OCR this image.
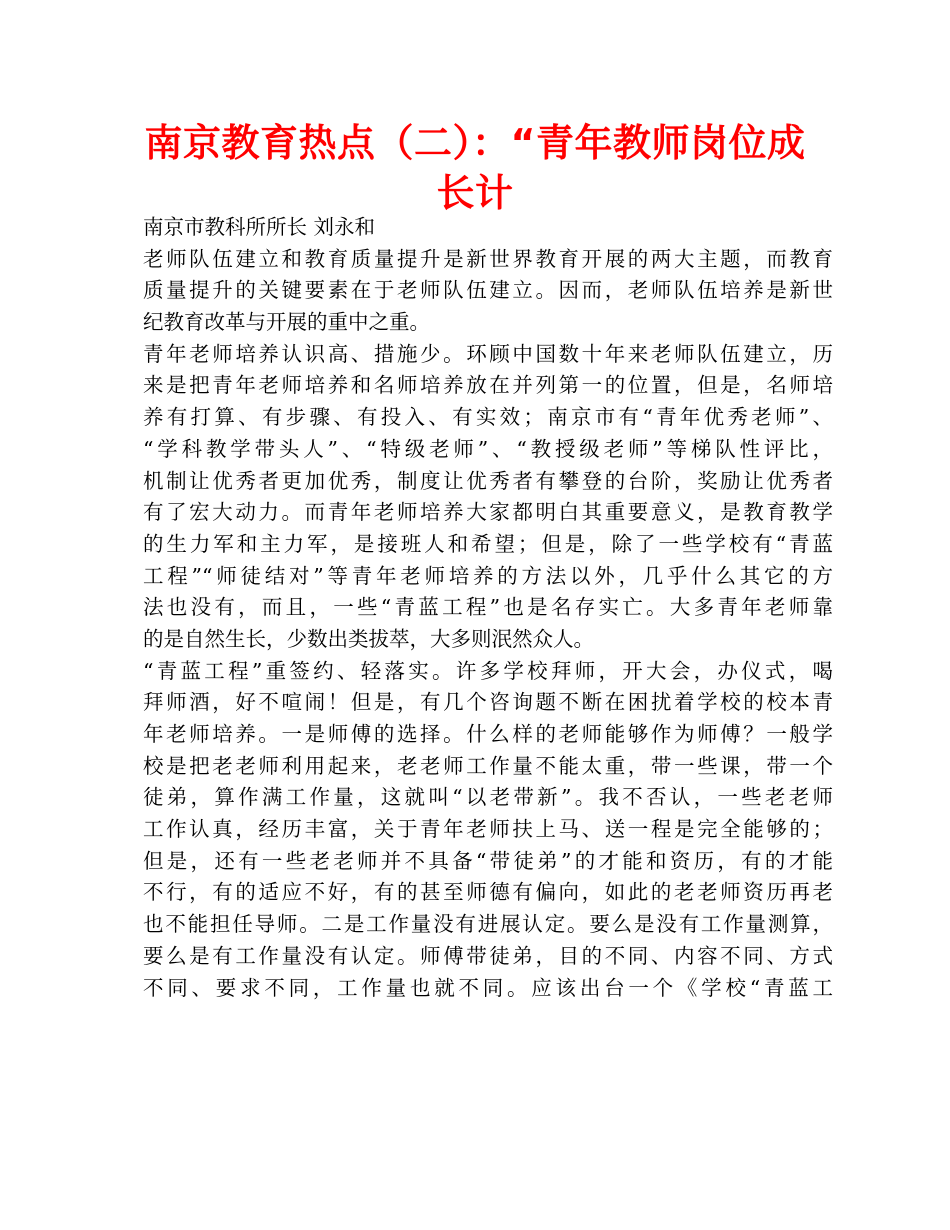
南京教育热点（二）：“青年教师岗位成
长计
南京市教科所所长 刘永和
老师队伍建立和教育质量提升是新世界教育开展的两大主题，而教育
质量提升的关键要素在于老师队伍建立。因而，老师队伍培养是新世
纪教育改革与开展的重中之重。
青年老师培养认识高、措施少。环顾中国数十年来老师队伍建立，历
来是把青年老师培养和名师培养放在并列第一的位置，但是，名师培
养有打算、有步骤、有投入、有实效；南京市有“青年优秀老师”、
“学科教学带头人”、“特级老师”、“教授级老师”等梯队性评比，
机制让优秀者更加优秀，制度让优秀者有攀登的台阶，奖励让优秀者
有了宏大动力。而青年老师培养大家都明白其重要意义，是教育教学
的生力军和主力军，是接班人和希望；但是，除了一些学校有“青蓝
工程”“师徒结对”等青年老师培养的方法以外，几乎什么其它的方
法也没有，而且，一些“青蓝工程”也是名存实亡。大多青年老师靠
的是自然生长，少数出类拔萃，大多则泯然众人。
“青蓝工程”重签约、轻落实。许多学校拜师，开大会，办仪式，喝
拜师酒，好不喧闹！但是，有几个咨询题不断在困扰着学校的校本青
年老师培养。一是师傅的选择。什么样的老师能够作为师傅？一般学
校是把老老师利用起来，老老师工作量不能太重，带一些课，带一个
徒弟，算作满工作量，这就叫“以老带新”。我不否认，一些老老师
工作认真，经历丰富，关于青年老师扶上马、送一程是完全能够的；
但是，还有一些老老师并不具备“带徒弟”的才能和资历，有的才能
不行，有的适应不好，有的甚至师德有偏向，如此的老老师资历再老
也不能担任导师。二是工作量没有进展认定。要么是没有工作量测算，
要么是有工作量没有认定。师傅带徒弟，目的不同、内容不同、方式
不同、要求不同，工作量也就不同。应该出台一个《学校“青蓝工
